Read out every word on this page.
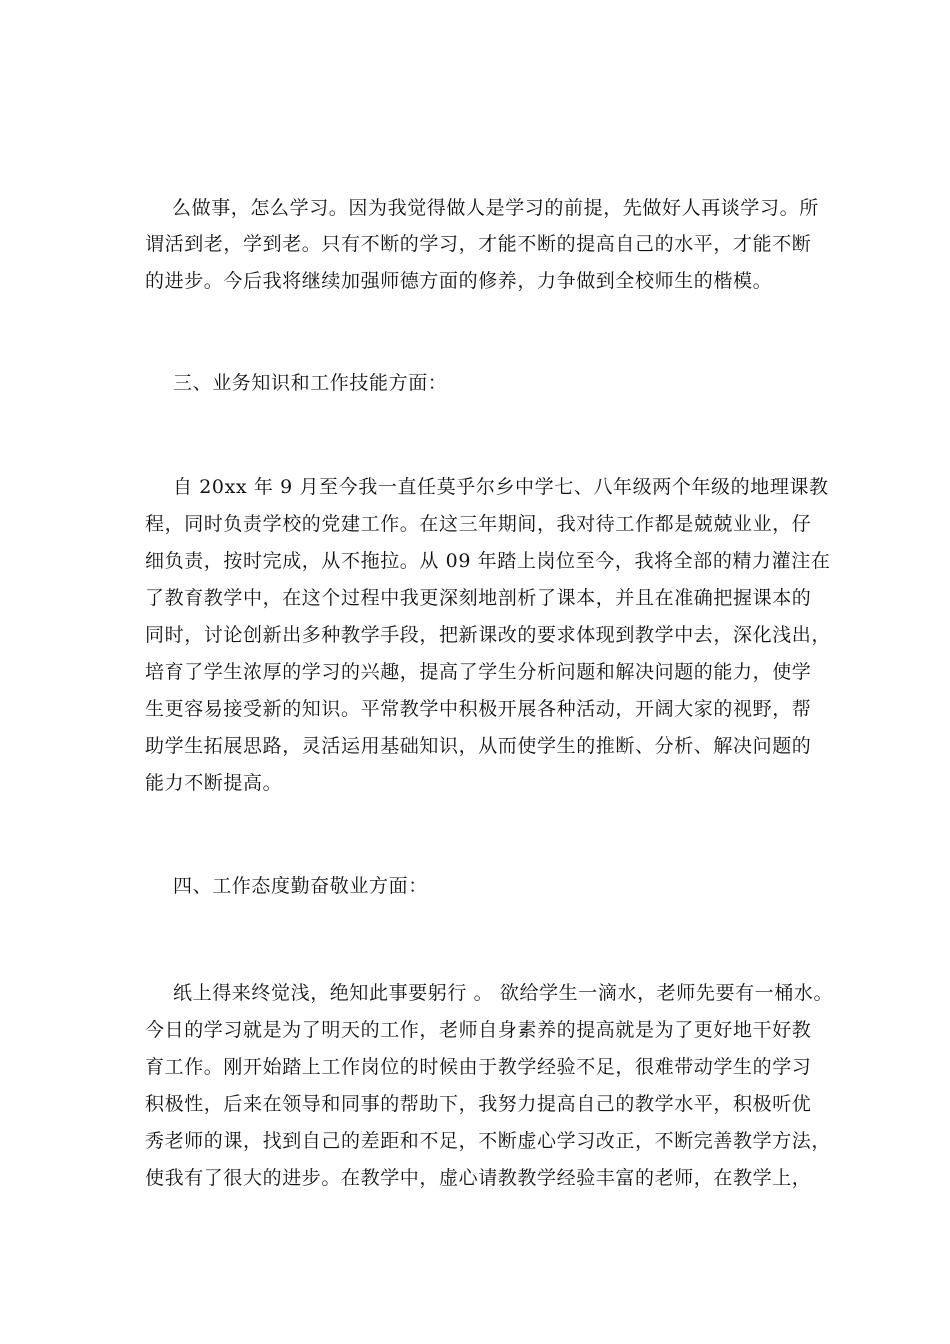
么做事，怎么学习。因为我觉得做人是学习的前提，先做好人再谈学习。所
谓活到老，学到老。只有不断的学习，才能不断的提高自己的水平，才能不断
的进步。今后我将继续加强师德方面的修养，力争做到全校师生的楷模。
三、业务知识和工作技能方面：
自 20xx 年 9 月至今我一直任莫乎尔乡中学七、八年级两个年级的地理课教
程，同时负责学校的党建工作。在这三年期间，我对待工作都是兢兢业业，仔
细负责，按时完成，从不拖拉。从 09 年踏上岗位至今，我将全部的精力灌注在
了教育教学中，在这个过程中我更深刻地剖析了课本，并且在准确把握课本的
同时，讨论创新出多种教学手段，把新课改的要求体现到教学中去，深化浅出，
培育了学生浓厚的学习的兴趣，提高了学生分析问题和解决问题的能力，使学
生更容易接受新的知识。平常教学中积极开展各种活动，开阔大家的视野，帮
助学生拓展思路，灵活运用基础知识，从而使学生的推断、分析、解决问题的
能力不断提高。
四、工作态度勤奋敬业方面：
纸上得来终觉浅，绝知此事要躬行 。 欲给学生一滴水，老师先要有一桶水。
今日的学习就是为了明天的工作，老师自身素养的提高就是为了更好地干好教
育工作。刚开始踏上工作岗位的时候由于教学经验不足，很难带动学生的学习
积极性，后来在领导和同事的帮助下，我努力提高自己的教学水平，积极听优
秀老师的课，找到自己的差距和不足，不断虚心学习改正，不断完善教学方法，
使我有了很大的进步。在教学中，虚心请教教学经验丰富的老师，在教学上，
